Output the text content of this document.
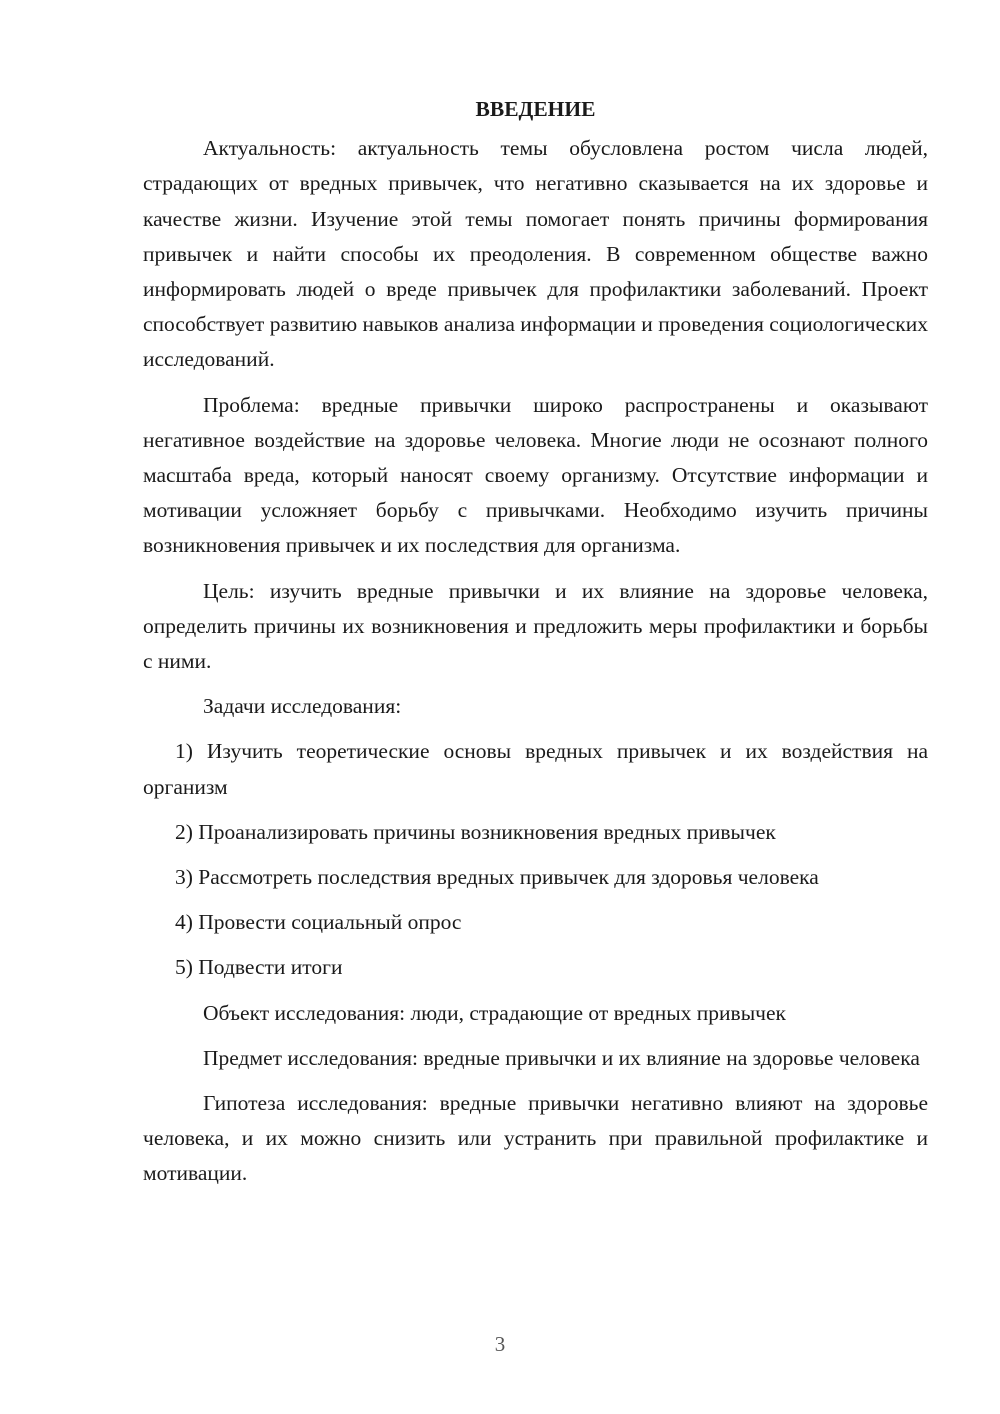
ВВЕДЕНИЕ

Актуальность: актуальность темы обусловлена ростом числа людей, страдающих от вредных привычек, что негативно сказывается на их здоровье и качестве жизни. Изучение этой темы помогает понять причины формирования привычек и найти способы их преодоления. В современном обществе важно информировать людей о вреде привычек для профилактики заболеваний. Проект способствует развитию навыков анализа информации и проведения социологических исследований.

Проблема: вредные привычки широко распространены и оказывают негативное воздействие на здоровье человека. Многие люди не осознают полного масштаба вреда, который наносят своему организму. Отсутствие информации и мотивации усложняет борьбу с привычками. Необходимо изучить причины возникновения привычек и их последствия для организма.

Цель: изучить вредные привычки и их влияние на здоровье человека, определить причины их возникновения и предложить меры профилактики и борьбы с ними.

Задачи исследования:

1) Изучить теоретические основы вредных привычек и их воздействия на организм

2) Проанализировать причины возникновения вредных привычек

3) Рассмотреть последствия вредных привычек для здоровья человека

4) Провести социальный опрос

5) Подвести итоги

Объект исследования: люди, страдающие от вредных привычек

Предмет исследования: вредные привычки и их влияние на здоровье человека

Гипотеза исследования: вредные привычки негативно влияют на здоровье человека, и их можно снизить или устранить при правильной профилактике и мотивации.

3
